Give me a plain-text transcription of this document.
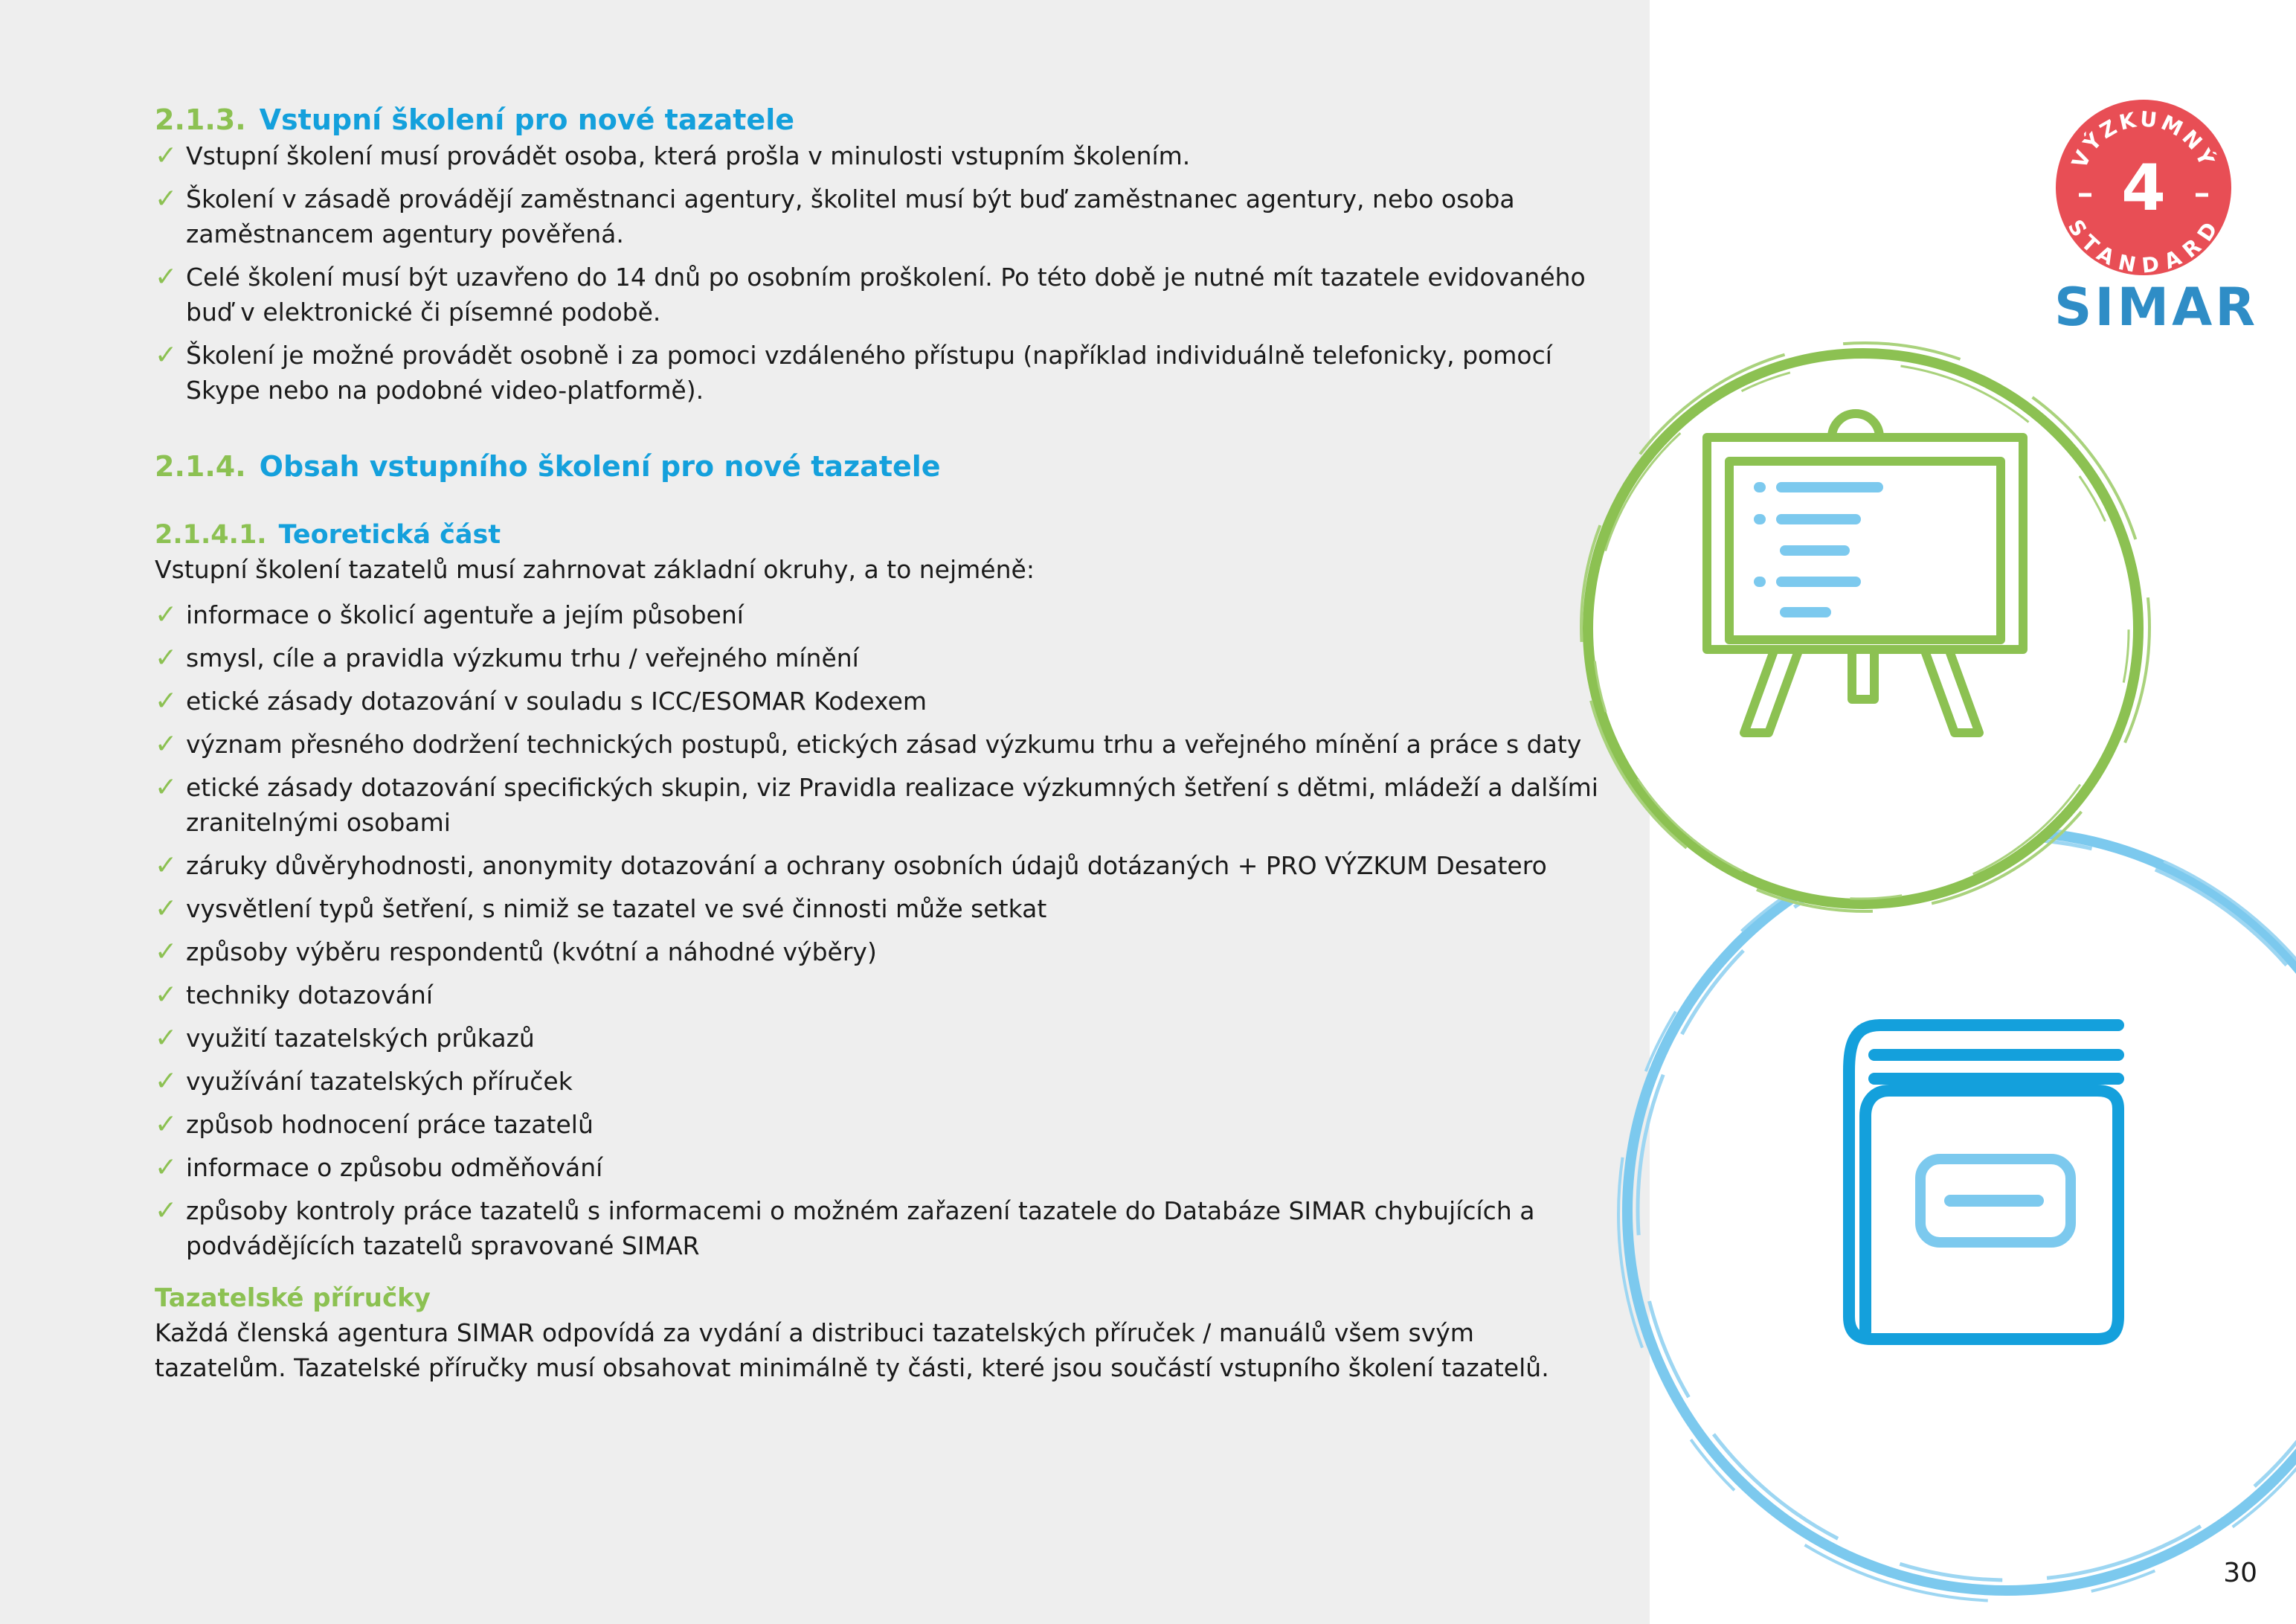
2.1.3. Vstupní školení pro nové tazatele
✓ Vstupní školení musí provádět osoba, která prošla v minulosti vstupním školením.
✓ Školení v zásadě provádějí zaměstnanci agentury, školitel musí být buď zaměstnanec agentury, nebo osoba zaměstnancem agentury pověřená.
✓ Celé školení musí být uzavřeno do 14 dnů po osobním proškolení. Po této době je nutné mít tazatele evidovaného buď v elektronické či písemné podobě.
✓ Školení je možné provádět osobně i za pomoci vzdáleného přístupu (například individuálně telefonicky, pomocí Skype nebo na podobné video-platformě).
2.1.4. Obsah vstupního školení pro nové tazatele
2.1.4.1. Teoretická část

Vstupní školení tazatelů musí zahrnovat základní okruhy, a to nejméně:

✓ informace o školicí agentuře a jejím působení
✓ smysl, cíle a pravidla výzkumu trhu / veřejného mínění
✓ etické zásady dotazování v souladu s ICC/ESOMAR Kodexem
✓ význam přesného dodržení technických postupů, etických zásad výzkumu trhu a veřejného mínění a práce s daty
✓ etické zásady dotazování specifických skupin, viz Pravidla realizace výzkumných šetření s dětmi, mládeží a dalšími zranitelnými osobami
✓ záruky důvěryhodnosti, anonymity dotazování a ochrany osobních údajů dotázaných + PRO VÝZKUM Desatero
✓ vysvětlení typů šetření, s nimiž se tazatel ve své činnosti může setkat
✓ způsoby výběru respondentů (kvótní a náhodné výběry)
✓ techniky dotazování
✓ využití tazatelských průkazů
✓ využívání tazatelských příruček
✓ způsob hodnocení práce tazatelů
✓ informace o způsobu odměňování
✓ způsoby kontroly práce tazatelů s informacemi o možném zařazení tazatele do Databáze SIMAR chybujících a podvádějících tazatelů spravované SIMAR
Tazatelské příručky

Každá členská agentura SIMAR odpovídá za vydání a distribuci tazatelských příruček / manuálů všem svým tazatelům. Tazatelské příručky musí obsahovat minimálně ty části, které jsou součástí vstupního školení tazatelů.

VÝZKUMNÝ
STANDARD
4
SIMAR
30
